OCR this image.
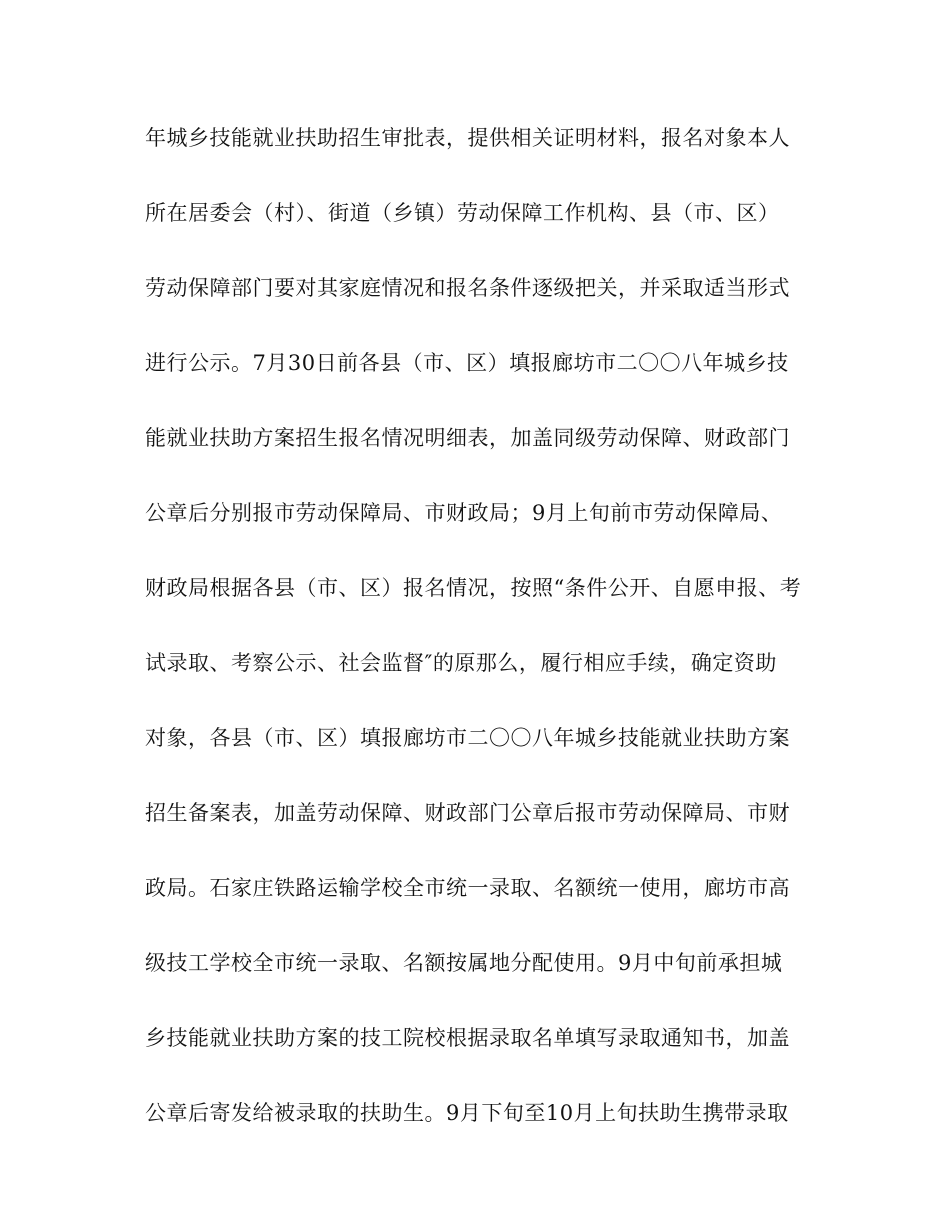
年城乡技能就业扶助招生审批表，提供相关证明材料，报名对象本人
所在居委会（村）、街道（乡镇）劳动保障工作机构、县（市、区）
劳动保障部门要对其家庭情况和报名条件逐级把关，并采取适当形式
进行公示。7月30日前各县（市、区）填报廊坊市二〇〇八年城乡技
能就业扶助方案招生报名情况明细表，加盖同级劳动保障、财政部门
公章后分别报市劳动保障局、市财政局；9月上旬前市劳动保障局、
财政局根据各县（市、区）报名情况，按照“条件公开、自愿申报、考
试录取、考察公示、社会监督″的原那么，履行相应手续，确定资助
对象，各县（市、区）填报廊坊市二〇〇八年城乡技能就业扶助方案
招生备案表，加盖劳动保障、财政部门公章后报市劳动保障局、市财
政局。石家庄铁路运输学校全市统一录取、名额统一使用，廊坊市高
级技工学校全市统一录取、名额按属地分配使用。9月中旬前承担城
乡技能就业扶助方案的技工院校根据录取名单填写录取通知书，加盖
公章后寄发给被录取的扶助生。9月下旬至10月上旬扶助生携带录取
